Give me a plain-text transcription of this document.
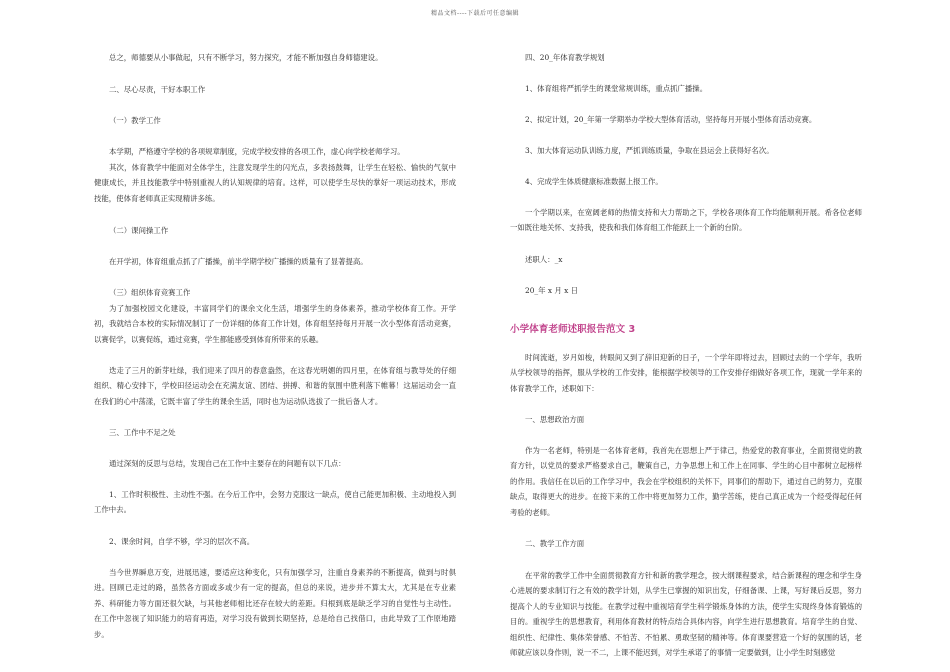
精品文档----下载后可任意编辑

总之，师德要从小事做起，只有不断学习，努力探究，才能不断加强自身师德建设。

二、尽心尽责，干好本职工作

（一）教学工作

本学期，严格遵守学校的各项规章制度，完成学校安排的各项工作，虚心向学校老师学习。

其次，体育教学中能面对全体学生，注意发现学生的闪光点，多表扬鼓舞，让学生在轻松、愉快的气氛中健康成长，并且技能教学中特别重视人的认知规律的培育。这样，可以使学生尽快的掌好一项运动技术，形成技能，使体育老师真正实现精讲多练。

（二）课间操工作

在开学初，体育组重点抓了广播操，前半学期学校广播操的质量有了显著提高。

（三）组织体育竞赛工作

为了加强校园文化建设，丰富同学们的课余文化生活，增强学生的身体素养，推动学校体育工作。开学初，我就结合本校的实际情况制订了一份详细的体育工作计划，体育组坚持每月开展一次小型体育活动竞赛，以赛促学，以赛促练，通过竞赛，学生都能感受到体育所带来的乐趣。

迭走了三月的新芽吐绿，我们迎来了四月的春意盎然，在这春光明媚的四月里，在体育组与教导处的仔细组织、精心安排下，学校田径运动会在充满友谊、团结、拼搏、和谐的氛围中胜利落下帷幕！这届运动会一直在我们的心中荡漾，它既丰富了学生的课余生活，同时也为运动队选拔了一批后备人才。

三、工作中不足之处

通过深刻的反思与总结，发现自己在工作中主要存在的问题有以下几点：

1、工作时积极性、主动性不强。在今后工作中，会努力克服这一缺点，使自己能更加积极、主动地投入到工作中去。

2、课余时间，自学不够，学习的层次不高。

当今世界瞬息万变，进展迅速，要适应这种变化，只有加强学习，注重自身素养的不断提高，做到与时俱进。回顾已走过的路，虽然各方面或多或少有一定的提高，但总的来说，进步并不算太大，尤其是在专业素养、科研能力等方面还很欠缺，与其他老师相比还存在较大的差距。归根到底是缺乏学习的自觉性与主动性。在工作中忽视了知识能力的培育再造，对学习没有做到长期坚持，总是给自己找借口，由此导致了工作原地踏步。

四、20_年体育教学规划

1、体育组将严抓学生的课堂常规训练，重点抓广播操。

2、拟定计划，20_年第一学期举办学校大型体育活动，坚持每月开展小型体育活动竞赛。

3、加大体育运动队训练力度，严抓训练质量，争取在县运会上获得好名次。

4、完成学生体质健康标准数据上报工作。

一个学期以来，在宽阔老师的热情支持和大力帮助之下，学校各项体育工作均能顺利开展。希各位老师一如既往地关怀、支持我，使我和我们体育组工作能跃上一个新的台阶。

述职人：_x

20_年 x 月 x 日

小学体育老师述职报告范文 3

时间流逝，岁月如梭，转眼间又到了辞旧迎新的日子，一个学年即将过去，回顾过去的一个学年，我听从学校领导的指挥，服从学校的工作安排，能根据学校领导的工作安排仔细做好各项工作，现就一学年来的体育教学工作，述职如下：

一、思想政治方面

作为一名老师，特别是一名体育老师，我首先在思想上严于律己，热爱党的教育事业，全面贯彻党的教育方针，以党员的要求严格要求自己，鞭策自己，力争思想上和工作上在同事、学生的心目中都树立起榜样的作用。我信任在以后的工作学习中，我会在学校组织的关怀下，同事们的帮助下，通过自己的努力，克服缺点，取得更大的进步。在接下来的工作中将更加努力工作，勤学苦练，使自己真正成为一个经受得起任何考验的老师。

二、教学工作方面

在平常的教学工作中全面贯彻教育方针和新的教学理念，按大纲课程要求，结合新课程的理念和学生身心进展的要求制订行之有效的教学计划，从学生已掌握的知识出发，仔细备课、上课，写好课后反思，努力提高个人的专业知识与技能。在教学过程中重视培育学生科学锻炼身体的方法，使学生实现终身体育锻炼的目的。重视学生的思想教育，利用体育教材的特点结合具体内容，向学生进行思想教育。培育学生的自觉、组织性、纪律性、集体荣誉感、不怕苦、不怕累、勇敢坚韧的精神等。体育课要营造一个好的氛围的话，老师就应该以身作则，说一不二，上课不能迟到，对学生承诺了的事情一定要做到，让小学生时刻感觉
